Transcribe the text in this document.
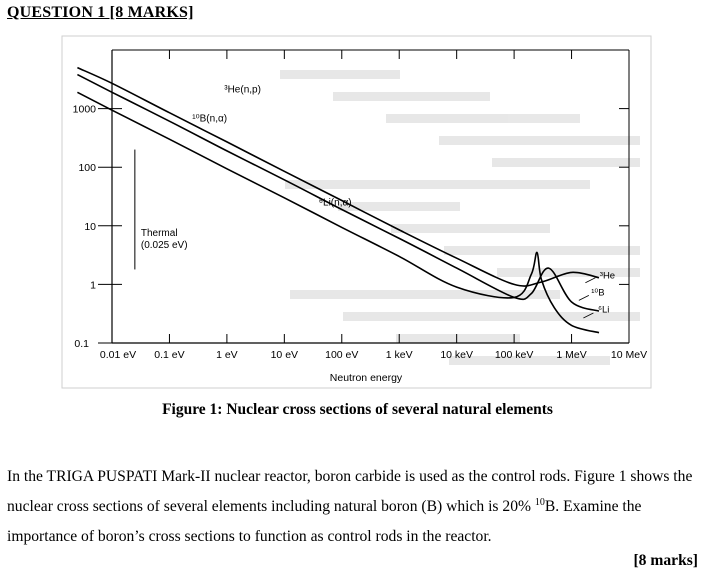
QUESTION 1 [8 MARKS]
0.01 eV 0.1 eV	1 eV	10 eV	100 eV	1 keV	10 keV 100 keV 1 MeV 10 MeV
0.1
1
10
100
1000
Thermal
(0.025 eV)
³He(n,p)
¹⁰B(n,α)
⁶Li(n,α)
³He
¹⁰B
⁶Li
Neutron energy
Figure 1: Nuclear cross sections of several natural elements
In the TRIGA PUSPATI Mark-II nuclear reactor, boron carbide is used as the control rods. Figure 1 shows the nuclear cross sections of several elements including natural boron (B) which is 20% $^{10}$B. Examine the importance of boron’s cross sections to function as control rods in the reactor.
[8 marks]
